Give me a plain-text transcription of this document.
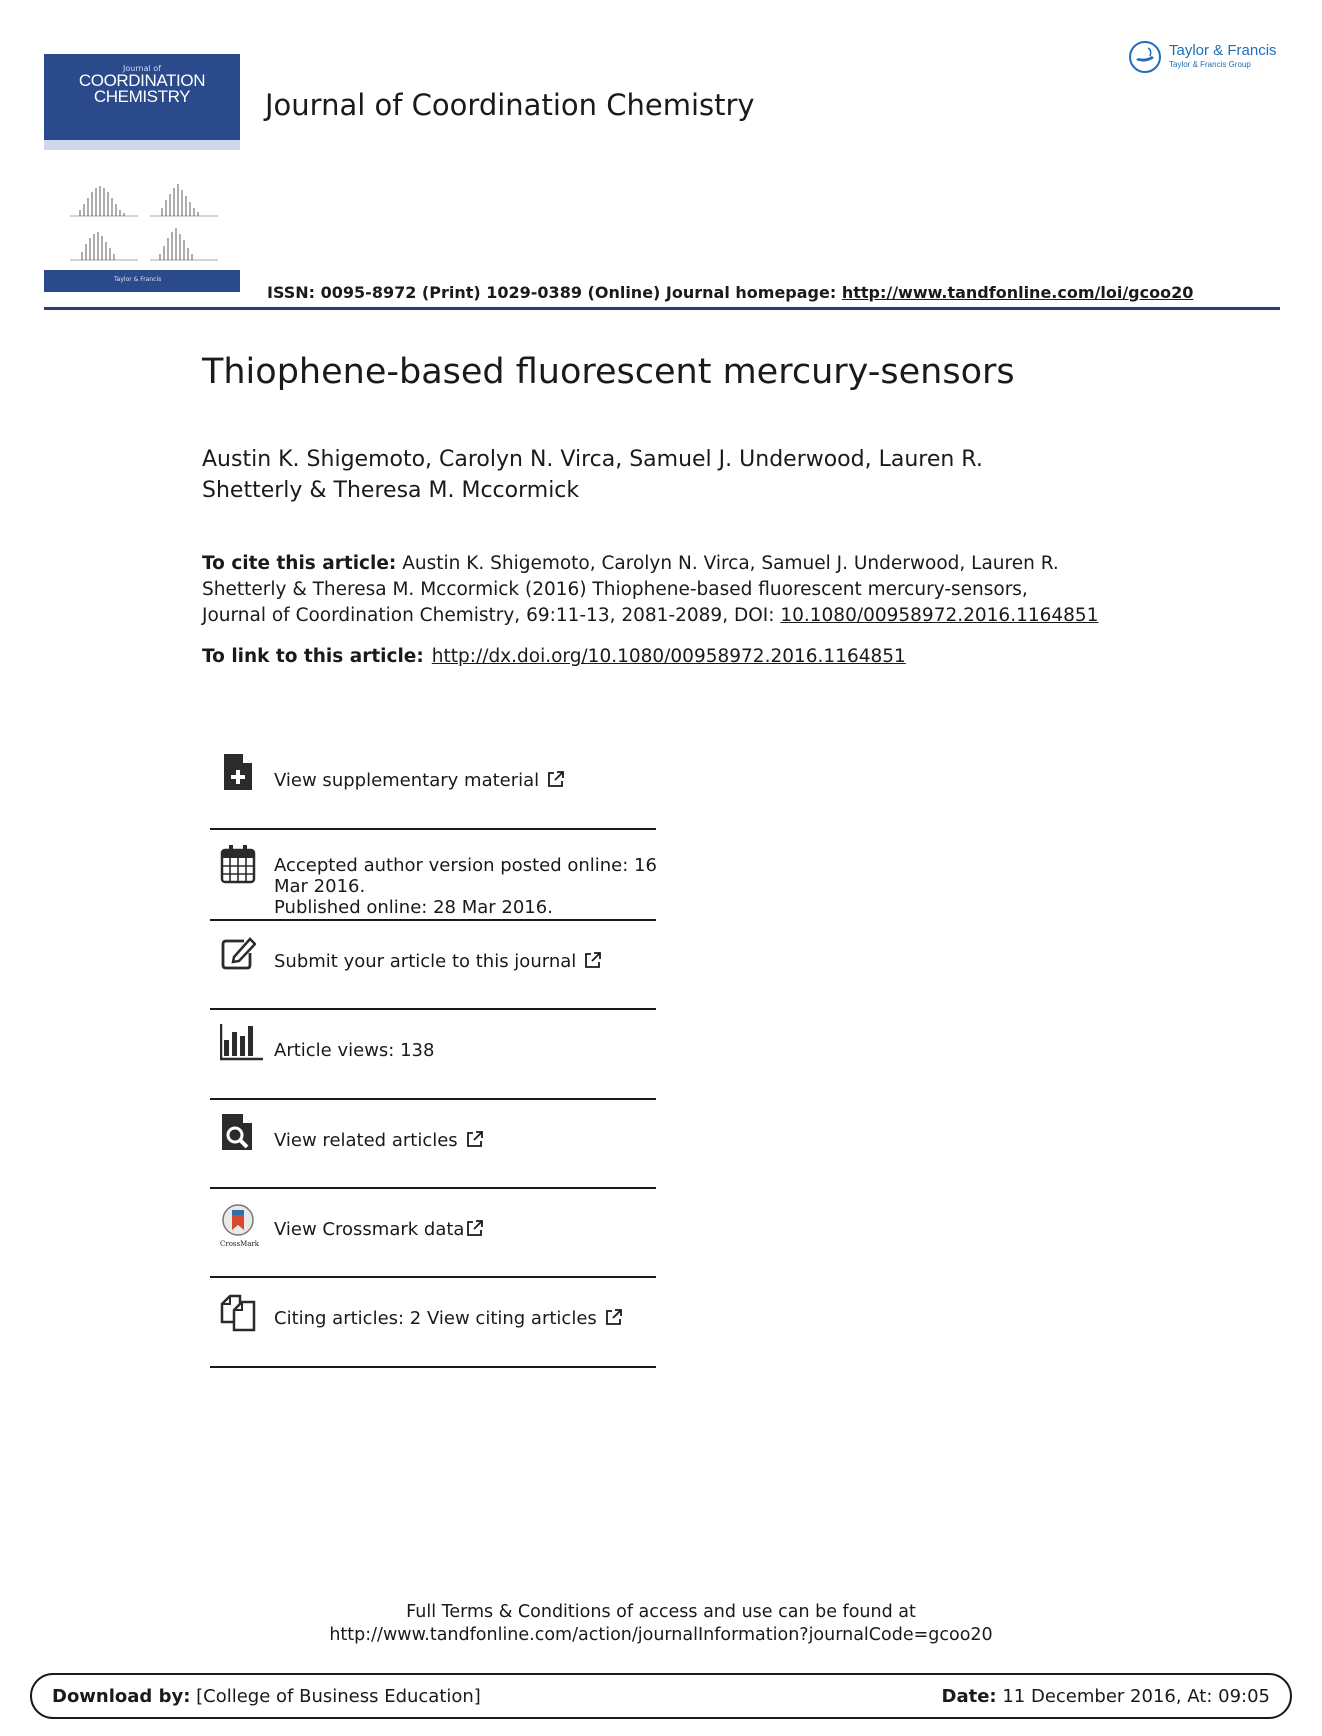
Journal of
COORDINATION
CHEMISTRY
Taylor & Francis
Journal of Coordination Chemistry
Taylor & Francis
Taylor & Francis Group
ISSN: 0095-8972 (Print) 1029-0389 (Online) Journal homepage: http://www.tandfonline.com/loi/gcoo20
Thiophene-based fluorescent mercury-sensors
Austin K. Shigemoto, Carolyn N. Virca, Samuel J. Underwood, Lauren R.
Shetterly & Theresa M. Mccormick
To cite this article: Austin K. Shigemoto, Carolyn N. Virca, Samuel J. Underwood, Lauren R.
Shetterly & Theresa M. Mccormick (2016) Thiophene-based fluorescent mercury-sensors,
Journal of Coordination Chemistry, 69:11-13, 2081-2089, DOI: 10.1080/00958972.2016.1164851
To link to this article: http://dx.doi.org/10.1080/00958972.2016.1164851
View supplementary material
Accepted author version posted online: 16
Mar 2016.
Published online: 28 Mar 2016.
Submit your article to this journal
Article views: 138
View related articles
CrossMark
View Crossmark data
Citing articles: 2 View citing articles
Full Terms & Conditions of access and use can be found at
http://www.tandfonline.com/action/journalInformation?journalCode=gcoo20
Download by: [College of Business Education]	Date: 11 December 2016, At: 09:05
